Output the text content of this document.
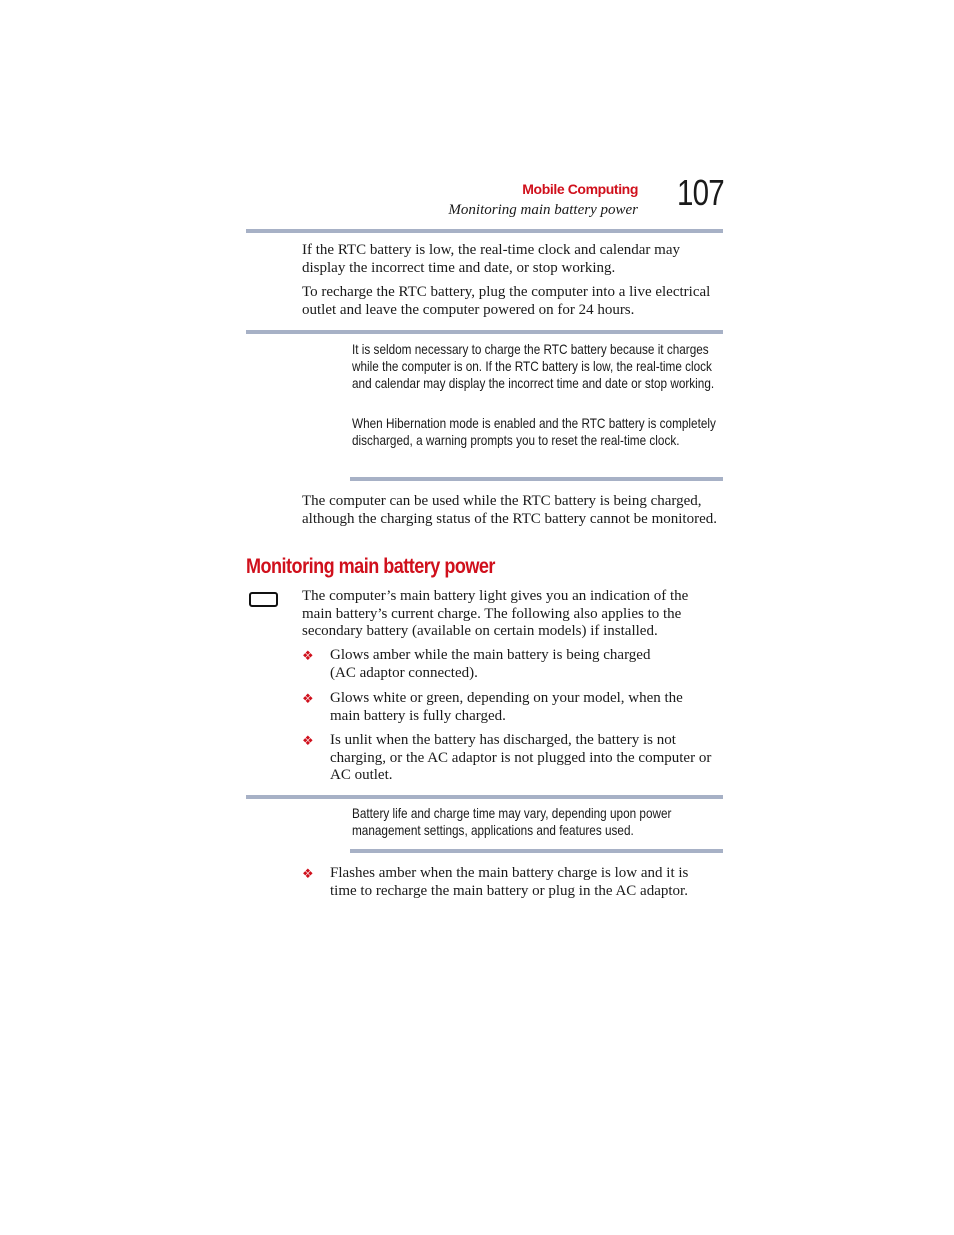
Mobile Computing
Monitoring main battery power 107
If the RTC battery is low, the real-time clock and calendar may display the incorrect time and date, or stop working.
To recharge the RTC battery, plug the computer into a live electrical outlet and leave the computer powered on for 24 hours.
It is seldom necessary to charge the RTC battery because it charges while the computer is on. If the RTC battery is low, the real-time clock and calendar may display the incorrect time and date or stop working.
When Hibernation mode is enabled and the RTC battery is completely discharged, a warning prompts you to reset the real-time clock.
The computer can be used while the RTC battery is being charged, although the charging status of the RTC battery cannot be monitored.
Monitoring main battery power
The computer’s main battery light gives you an indication of the main battery’s current charge. The following also applies to the secondary battery (available on certain models) if installed.
❖ Glows amber while the main battery is being charged (AC adaptor connected).
❖ Glows white or green, depending on your model, when the main battery is fully charged.
❖ Is unlit when the battery has discharged, the battery is not charging, or the AC adaptor is not plugged into the computer or AC outlet.
Battery life and charge time may vary, depending upon power management settings, applications and features used.
❖ Flashes amber when the main battery charge is low and it is time to recharge the main battery or plug in the AC adaptor.
